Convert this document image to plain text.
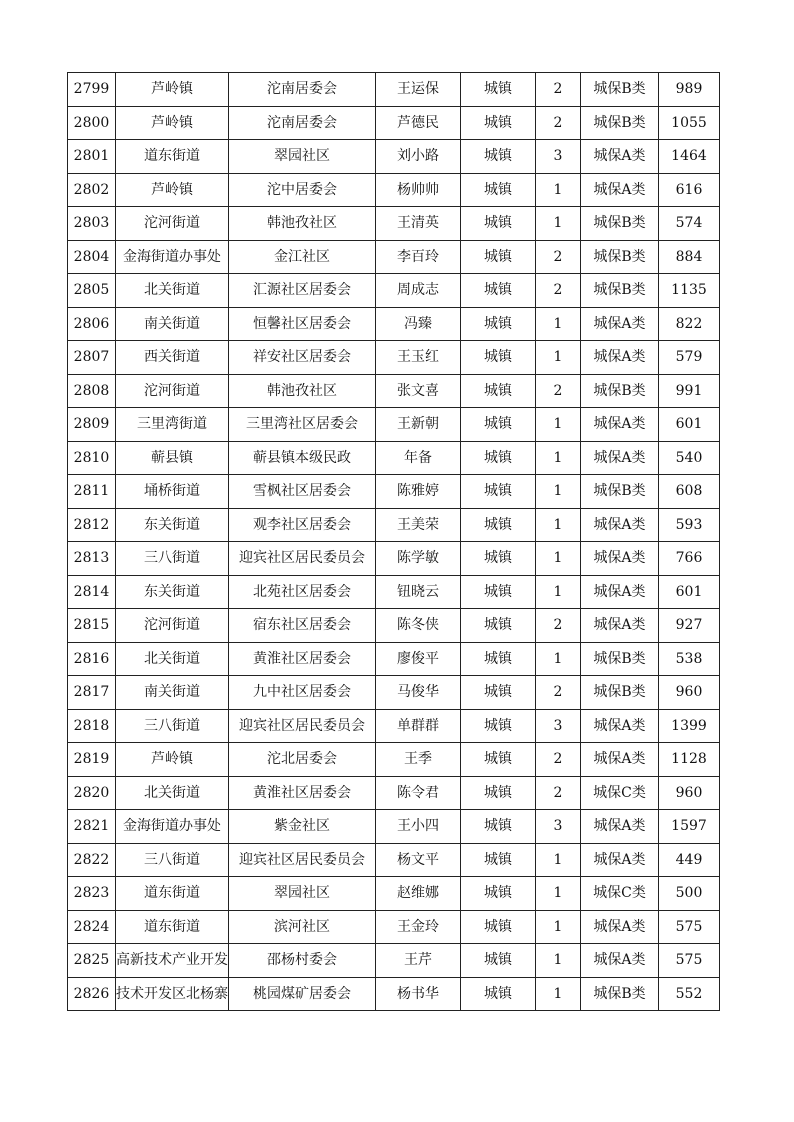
2799	芦岭镇	沱南居委会	王运保	城镇	2	城保B类	989
2800	芦岭镇	沱南居委会	芦德民	城镇	2	城保B类	1055
2801	道东街道	翠园社区	刘小路	城镇	3	城保A类	1464
2802	芦岭镇	沱中居委会	杨帅帅	城镇	1	城保A类	616
2803	沱河街道	韩池孜社区	王清英	城镇	1	城保B类	574
2804	金海街道办事处	金江社区	李百玲	城镇	2	城保B类	884
2805	北关街道	汇源社区居委会	周成志	城镇	2	城保B类	1135
2806	南关街道	恒馨社区居委会	冯臻	城镇	1	城保A类	822
2807	西关街道	祥安社区居委会	王玉红	城镇	1	城保A类	579
2808	沱河街道	韩池孜社区	张文喜	城镇	2	城保B类	991
2809	三里湾街道	三里湾社区居委会	王新朝	城镇	1	城保A类	601
2810	蕲县镇	蕲县镇本级民政	年备	城镇	1	城保A类	540
2811	埇桥街道	雪枫社区居委会	陈雅婷	城镇	1	城保B类	608
2812	东关街道	观李社区居委会	王美荣	城镇	1	城保A类	593
2813	三八街道	迎宾社区居民委员会	陈学敏	城镇	1	城保A类	766
2814	东关街道	北苑社区居委会	钮晓云	城镇	1	城保A类	601
2815	沱河街道	宿东社区居委会	陈冬侠	城镇	2	城保A类	927
2816	北关街道	黄淮社区居委会	廖俊平	城镇	1	城保B类	538
2817	南关街道	九中社区居委会	马俊华	城镇	2	城保B类	960
2818	三八街道	迎宾社区居民委员会	单群群	城镇	3	城保A类	1399
2819	芦岭镇	沱北居委会	王季	城镇	2	城保A类	1128
2820	北关街道	黄淮社区居委会	陈令君	城镇	2	城保C类	960
2821	金海街道办事处	紫金社区	王小四	城镇	3	城保A类	1597
2822	三八街道	迎宾社区居民委员会	杨文平	城镇	1	城保A类	449
2823	道东街道	翠园社区	赵维娜	城镇	1	城保C类	500
2824	道东街道	滨河社区	王金玲	城镇	1	城保A类	575
2825	高新技术产业开发	邵杨村委会	王芹	城镇	1	城保A类	575
2826	技术开发区北杨寨	桃园煤矿居委会	杨书华	城镇	1	城保B类	552
